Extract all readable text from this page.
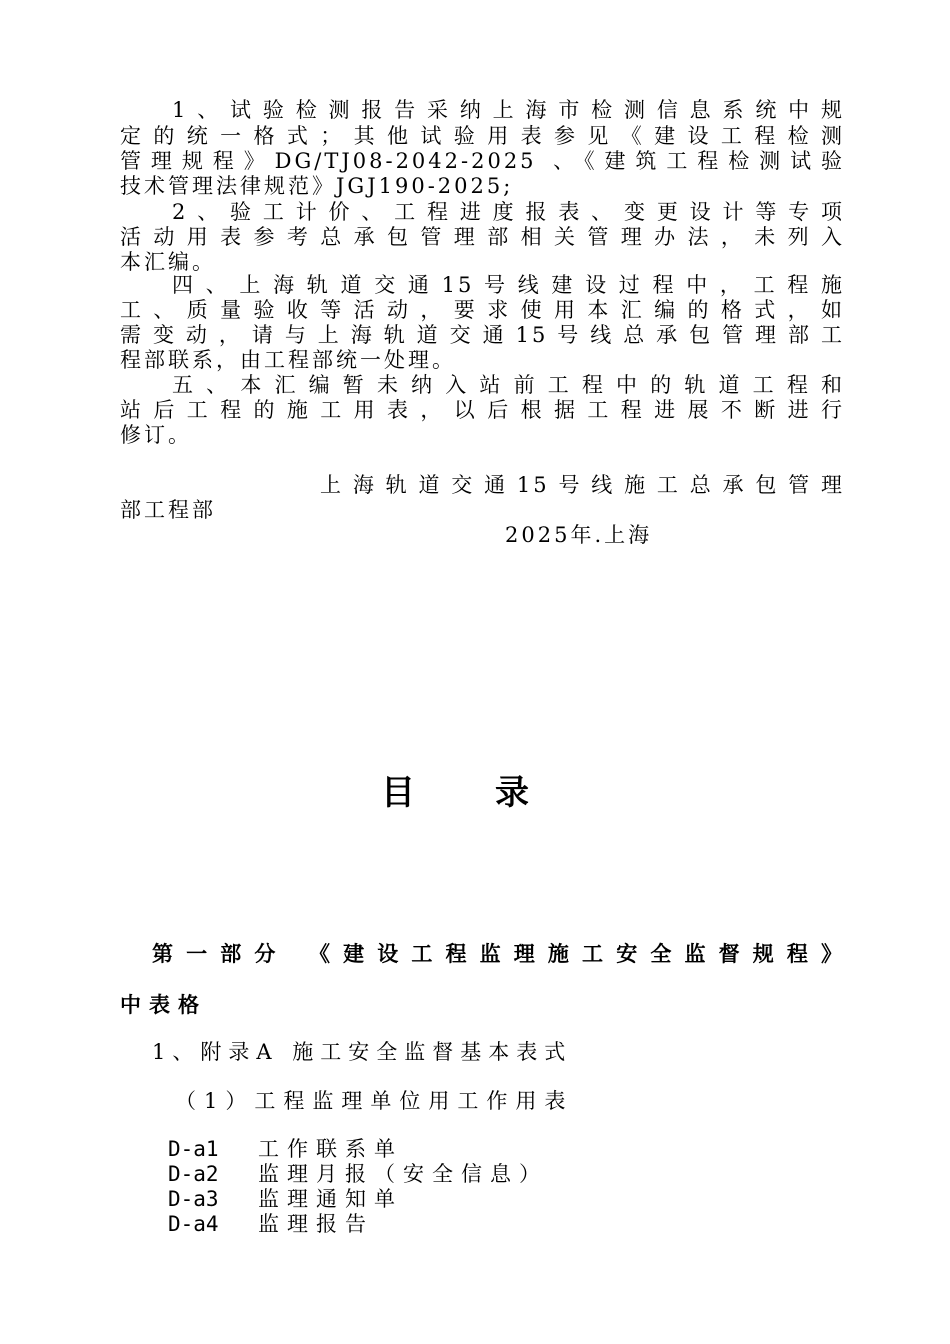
1、试验检测报告采纳上海市检测信息系统中规
定的统一格式；其他试验用表参见《建设工程检测
管理规程》DG/TJ08-2042-2025 、《建筑工程检测试验
技术管理法律规范》JGJ190-2025;
2、验工计价、工程进度报表、变更设计等专项
活动用表参考总承包管理部相关管理办法，未列入
本汇编。
四、上海轨道交通15号线建设过程中，工程施
工、质量验收等活动，要求使用本汇编的格式，如
需变动，请与上海轨道交通15号线总承包管理部工
程部联系，由工程部统一处理。
五、本汇编暂未纳入站前工程中的轨道工程和
站后工程的施工用表，以后根据工程进展不断进行
修订。
上海轨道交通15号线施工总承包管理
部工程部
2025年.上海
目录
第一部分 《建设工程监理施工安全监督规程》
中表格
1、附录A 施工安全监督基本表式
（1）工程监理单位用工作用表
D-a1 工作联系单
D-a2 监理月报（安全信息）
D-a3 监理通知单
D-a4 监理报告
